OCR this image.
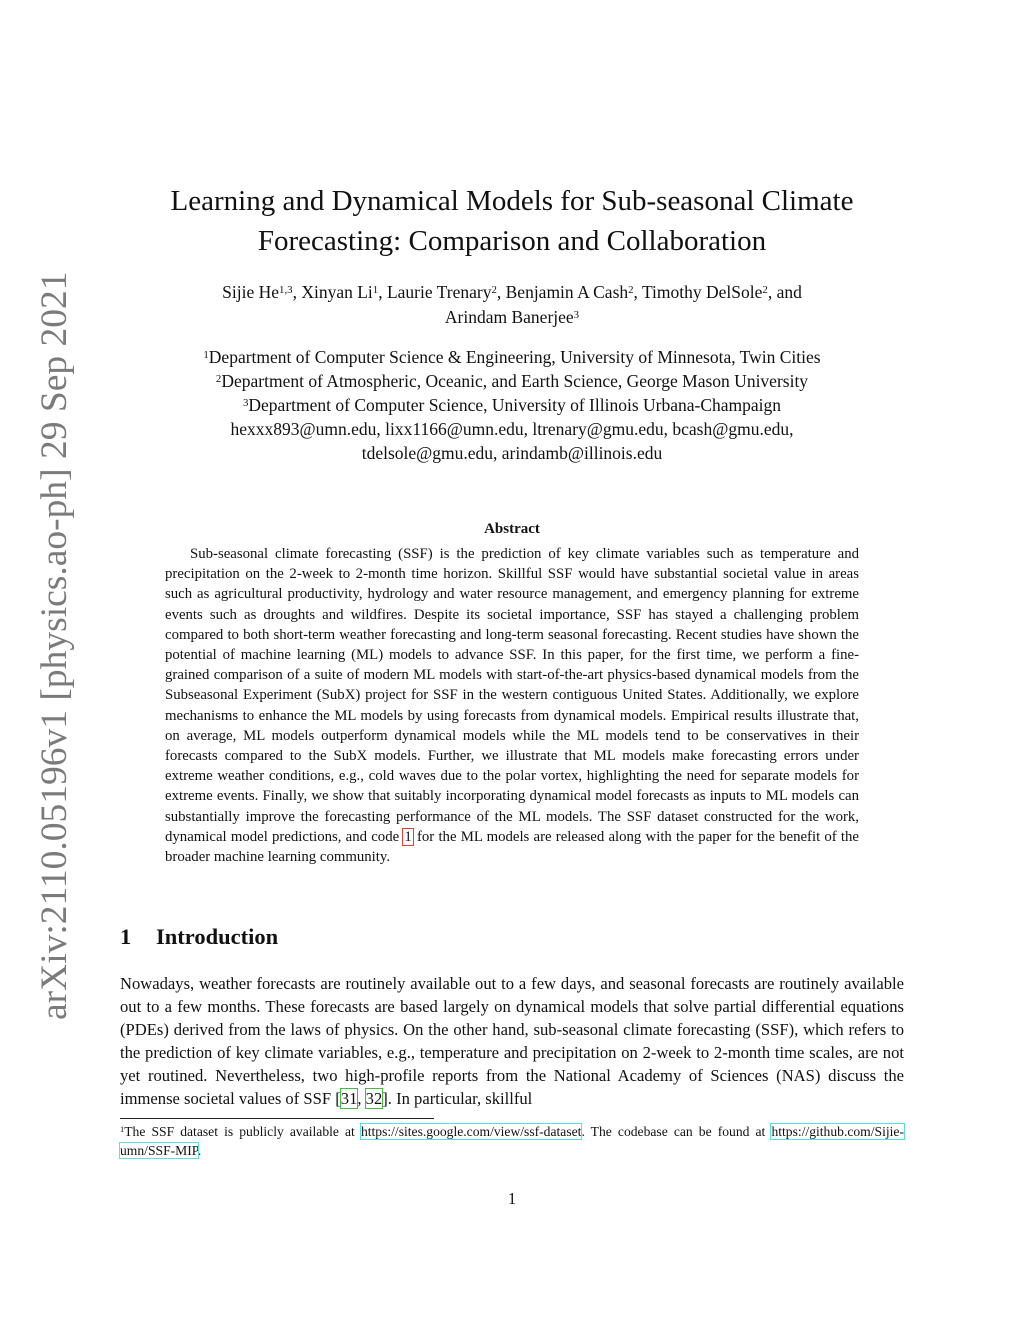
arXiv:2110.05196v1 [physics.ao-ph] 29 Sep 2021
Learning and Dynamical Models for Sub-seasonal Climate
Forecasting: Comparison and Collaboration
Sijie He$^{1,3}$, Xinyan Li$^1$, Laurie Trenary$^2$, Benjamin A Cash$^2$, Timothy DelSole$^2$, and
Arindam Banerjee$^3$
$^1$Department of Computer Science & Engineering, University of Minnesota, Twin Cities
$^2$Department of Atmospheric, Oceanic, and Earth Science, George Mason University
$^3$Department of Computer Science, University of Illinois Urbana-Champaign
hexxx893@umn.edu, lixx1166@umn.edu, ltrenary@gmu.edu, bcash@gmu.edu,
tdelsole@gmu.edu, arindamb@illinois.edu
Abstract

Sub-seasonal climate forecasting (SSF) is the prediction of key climate variables such as temperature and precipitation on the 2-week to 2-month time horizon. Skillful SSF would have substantial societal value in areas such as agricultural productivity, hydrology and water resource management, and emergency planning for extreme events such as droughts and wildfires. Despite its societal importance, SSF has stayed a challenging problem compared to both short-term weather forecasting and long-term seasonal forecasting. Recent studies have shown the potential of machine learning (ML) models to advance SSF. In this paper, for the first time, we perform a fine-grained comparison of a suite of modern ML models with start-of-the-art physics-based dynamical models from the Subseasonal Experiment (SubX) project for SSF in the western contiguous United States. Additionally, we explore mechanisms to enhance the ML models by using forecasts from dynamical models. Empirical results illustrate that, on average, ML models outperform dynamical models while the ML models tend to be conservatives in their forecasts compared to the SubX models. Further, we illustrate that ML models make forecasting errors under extreme weather conditions, e.g., cold waves due to the polar vortex, highlighting the need for separate models for extreme events. Finally, we show that suitably incorporating dynamical model forecasts as inputs to ML models can substantially improve the forecasting performance of the ML models. The SSF dataset constructed for the work, dynamical model predictions, and code 1 for the ML models are released along with the paper for the benefit of the broader machine learning community.

1 Introduction

Nowadays, weather forecasts are routinely available out to a few days, and seasonal forecasts are routinely available out to a few months. These forecasts are based largely on dynamical models that solve partial differential equations (PDEs) derived from the laws of physics. On the other hand, sub-seasonal climate forecasting (SSF), which refers to the prediction of key climate variables, e.g., temperature and precipitation on 2-week to 2-month time scales, are not yet routined. Nevertheless, two high-profile reports from the National Academy of Sciences (NAS) discuss the immense societal values of SSF [31, 32]. In particular, skillful

$^1$The SSF dataset is publicly available at https://sites.google.com/view/ssf-dataset. The codebase can be found at https://github.com/Sijie-umn/SSF-MIP.

1
